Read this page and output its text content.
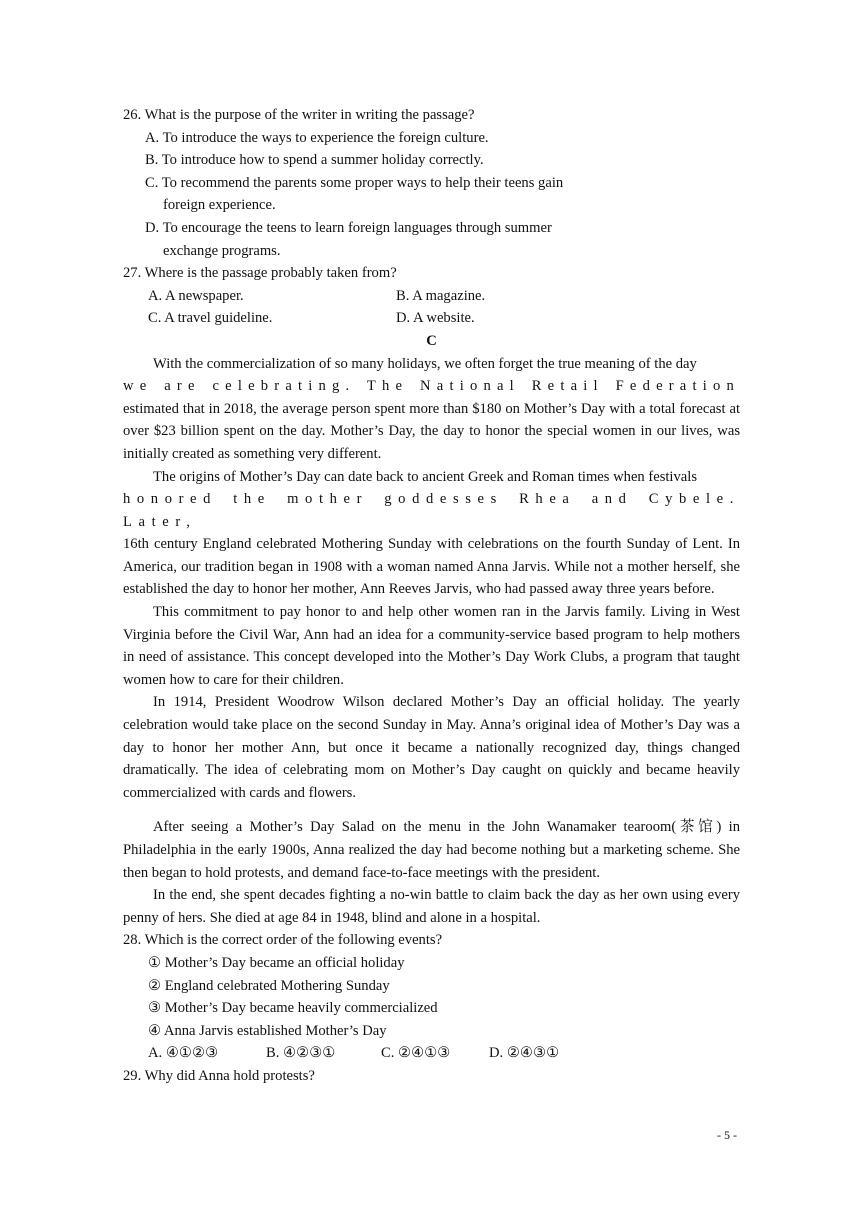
26. What is the purpose of the writer in writing the passage?
A. To introduce the ways to experience the foreign culture.
B. To introduce how to spend a summer holiday correctly.
C. To recommend the parents some proper ways to help their teens gain
foreign experience.
D. To encourage the teens to learn foreign languages through summer
exchange programs.
27. Where is the passage probably taken from?
A. A newspaper.	B. A magazine.
C. A travel guideline.	D. A website.
C
With the commercialization of so many holidays, we often forget the true meaning of the day
we are celebrating. The National Retail Federation
estimated that in 2018, the average person spent more than $180 on Mother’s Day with a total forecast at over $23 billion spent on the day. Mother’s Day, the day to honor the special women in our lives, was initially created as something very different.
The origins of Mother’s Day can date back to ancient Greek and Roman times when festivals
honored the mother goddesses Rhea and Cybele. Later,
16th century England celebrated Mothering Sunday with celebrations on the fourth Sunday of Lent. In America, our tradition began in 1908 with a woman named Anna Jarvis. While not a mother herself, she established the day to honor her mother, Ann Reeves Jarvis, who had passed away three years before.
This commitment to pay honor to and help other women ran in the Jarvis family. Living in West Virginia before the Civil War, Ann had an idea for a community-service based program to help mothers in need of assistance. This concept developed into the Mother’s Day Work Clubs, a program that taught women how to care for their children.
In 1914, President Woodrow Wilson declared Mother’s Day an official holiday. The yearly celebration would take place on the second Sunday in May. Anna’s original idea of Mother’s Day was a day to honor her mother Ann, but once it became a nationally recognized day, things changed dramatically. The idea of celebrating mom on Mother’s Day caught on quickly and became heavily commercialized with cards and flowers.
After seeing a Mother’s Day Salad on the menu in the John Wanamaker tearoom(茶馆) in Philadelphia in the early 1900s, Anna realized the day had become nothing but a marketing scheme. She then began to hold protests, and demand face-to-face meetings with the president.
In the end, she spent decades fighting a no-win battle to claim back the day as her own using every penny of hers. She died at age 84 in 1948, blind and alone in a hospital.
28. Which is the correct order of the following events?
① Mother’s Day became an official holiday
② England celebrated Mothering Sunday
③ Mother’s Day became heavily commercialized
④ Anna Jarvis established Mother’s Day
A. ④①②③	B. ④②③①	C. ②④①③	D. ②④③①
29. Why did Anna hold protests?
- 5 -
